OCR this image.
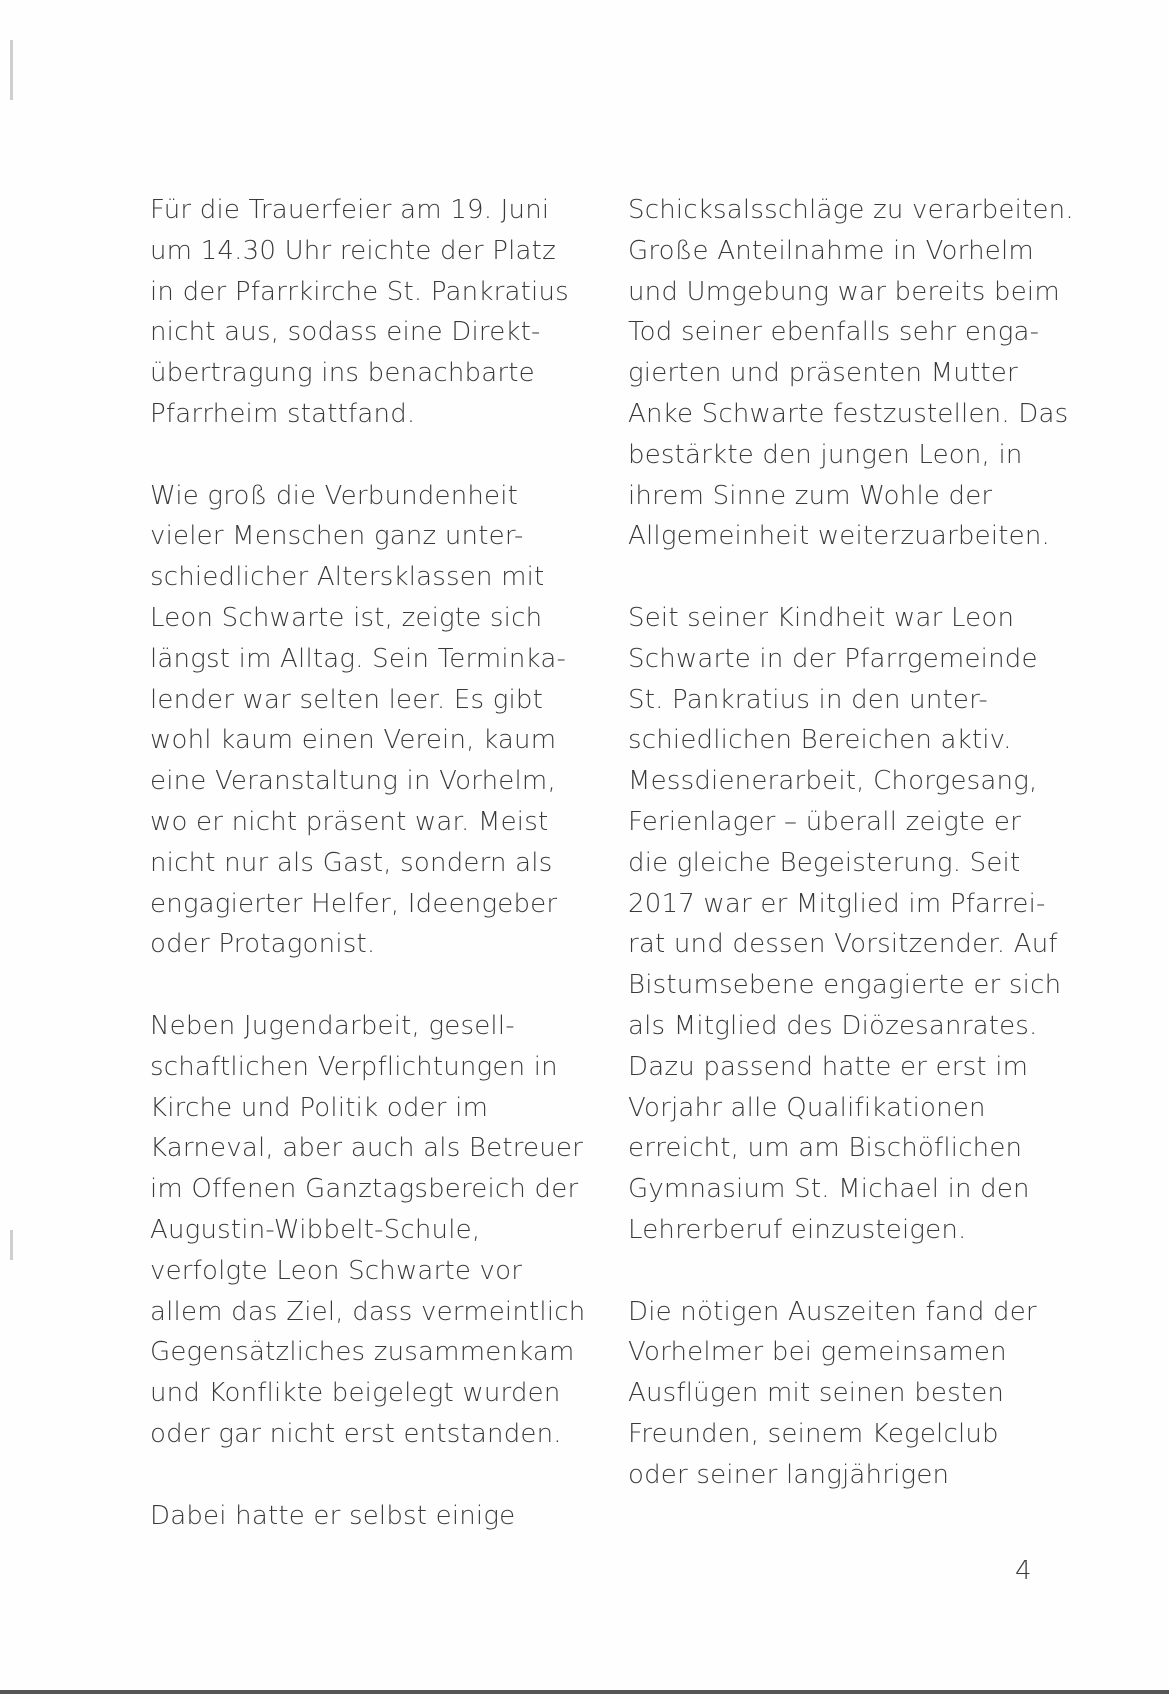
Für die Trauerfeier am 19. Juni
um 14.30 Uhr reichte der Platz
in der Pfarrkirche St. Pankratius
nicht aus, sodass eine Direkt-
übertragung ins benachbarte
Pfarrheim stattfand.

Wie groß die Verbundenheit
vieler Menschen ganz unter-
schiedlicher Altersklassen mit
Leon Schwarte ist, zeigte sich
längst im Alltag. Sein Terminka-
lender war selten leer. Es gibt
wohl kaum einen Verein, kaum
eine Veranstaltung in Vorhelm,
wo er nicht präsent war. Meist
nicht nur als Gast, sondern als
engagierter Helfer, Ideengeber
oder Protagonist.

Neben Jugendarbeit, gesell-
schaftlichen Verpflichtungen in
Kirche und Politik oder im
Karneval, aber auch als Betreuer
im Offenen Ganztagsbereich der
Augustin-Wibbelt-Schule,
verfolgte Leon Schwarte vor
allem das Ziel, dass vermeintlich
Gegensätzliches zusammenkam
und Konflikte beigelegt wurden
oder gar nicht erst entstanden.

Dabei hatte er selbst einige

Schicksalsschläge zu verarbeiten.
Große Anteilnahme in Vorhelm
und Umgebung war bereits beim
Tod seiner ebenfalls sehr enga-
gierten und präsenten Mutter
Anke Schwarte festzustellen. Das
bestärkte den jungen Leon, in
ihrem Sinne zum Wohle der
Allgemeinheit weiterzuarbeiten.

Seit seiner Kindheit war Leon
Schwarte in der Pfarrgemeinde
St. Pankratius in den unter-
schiedlichen Bereichen aktiv.
Messdienerarbeit, Chorgesang,
Ferienlager – überall zeigte er
die gleiche Begeisterung. Seit
2017 war er Mitglied im Pfarrei-
rat und dessen Vorsitzender. Auf
Bistumsebene engagierte er sich
als Mitglied des Diözesanrates.
Dazu passend hatte er erst im
Vorjahr alle Qualifikationen
erreicht, um am Bischöflichen
Gymnasium St. Michael in den
Lehrerberuf einzusteigen.

Die nötigen Auszeiten fand der
Vorhelmer bei gemeinsamen
Ausflügen mit seinen besten
Freunden, seinem Kegelclub
oder seiner langjährigen

4
